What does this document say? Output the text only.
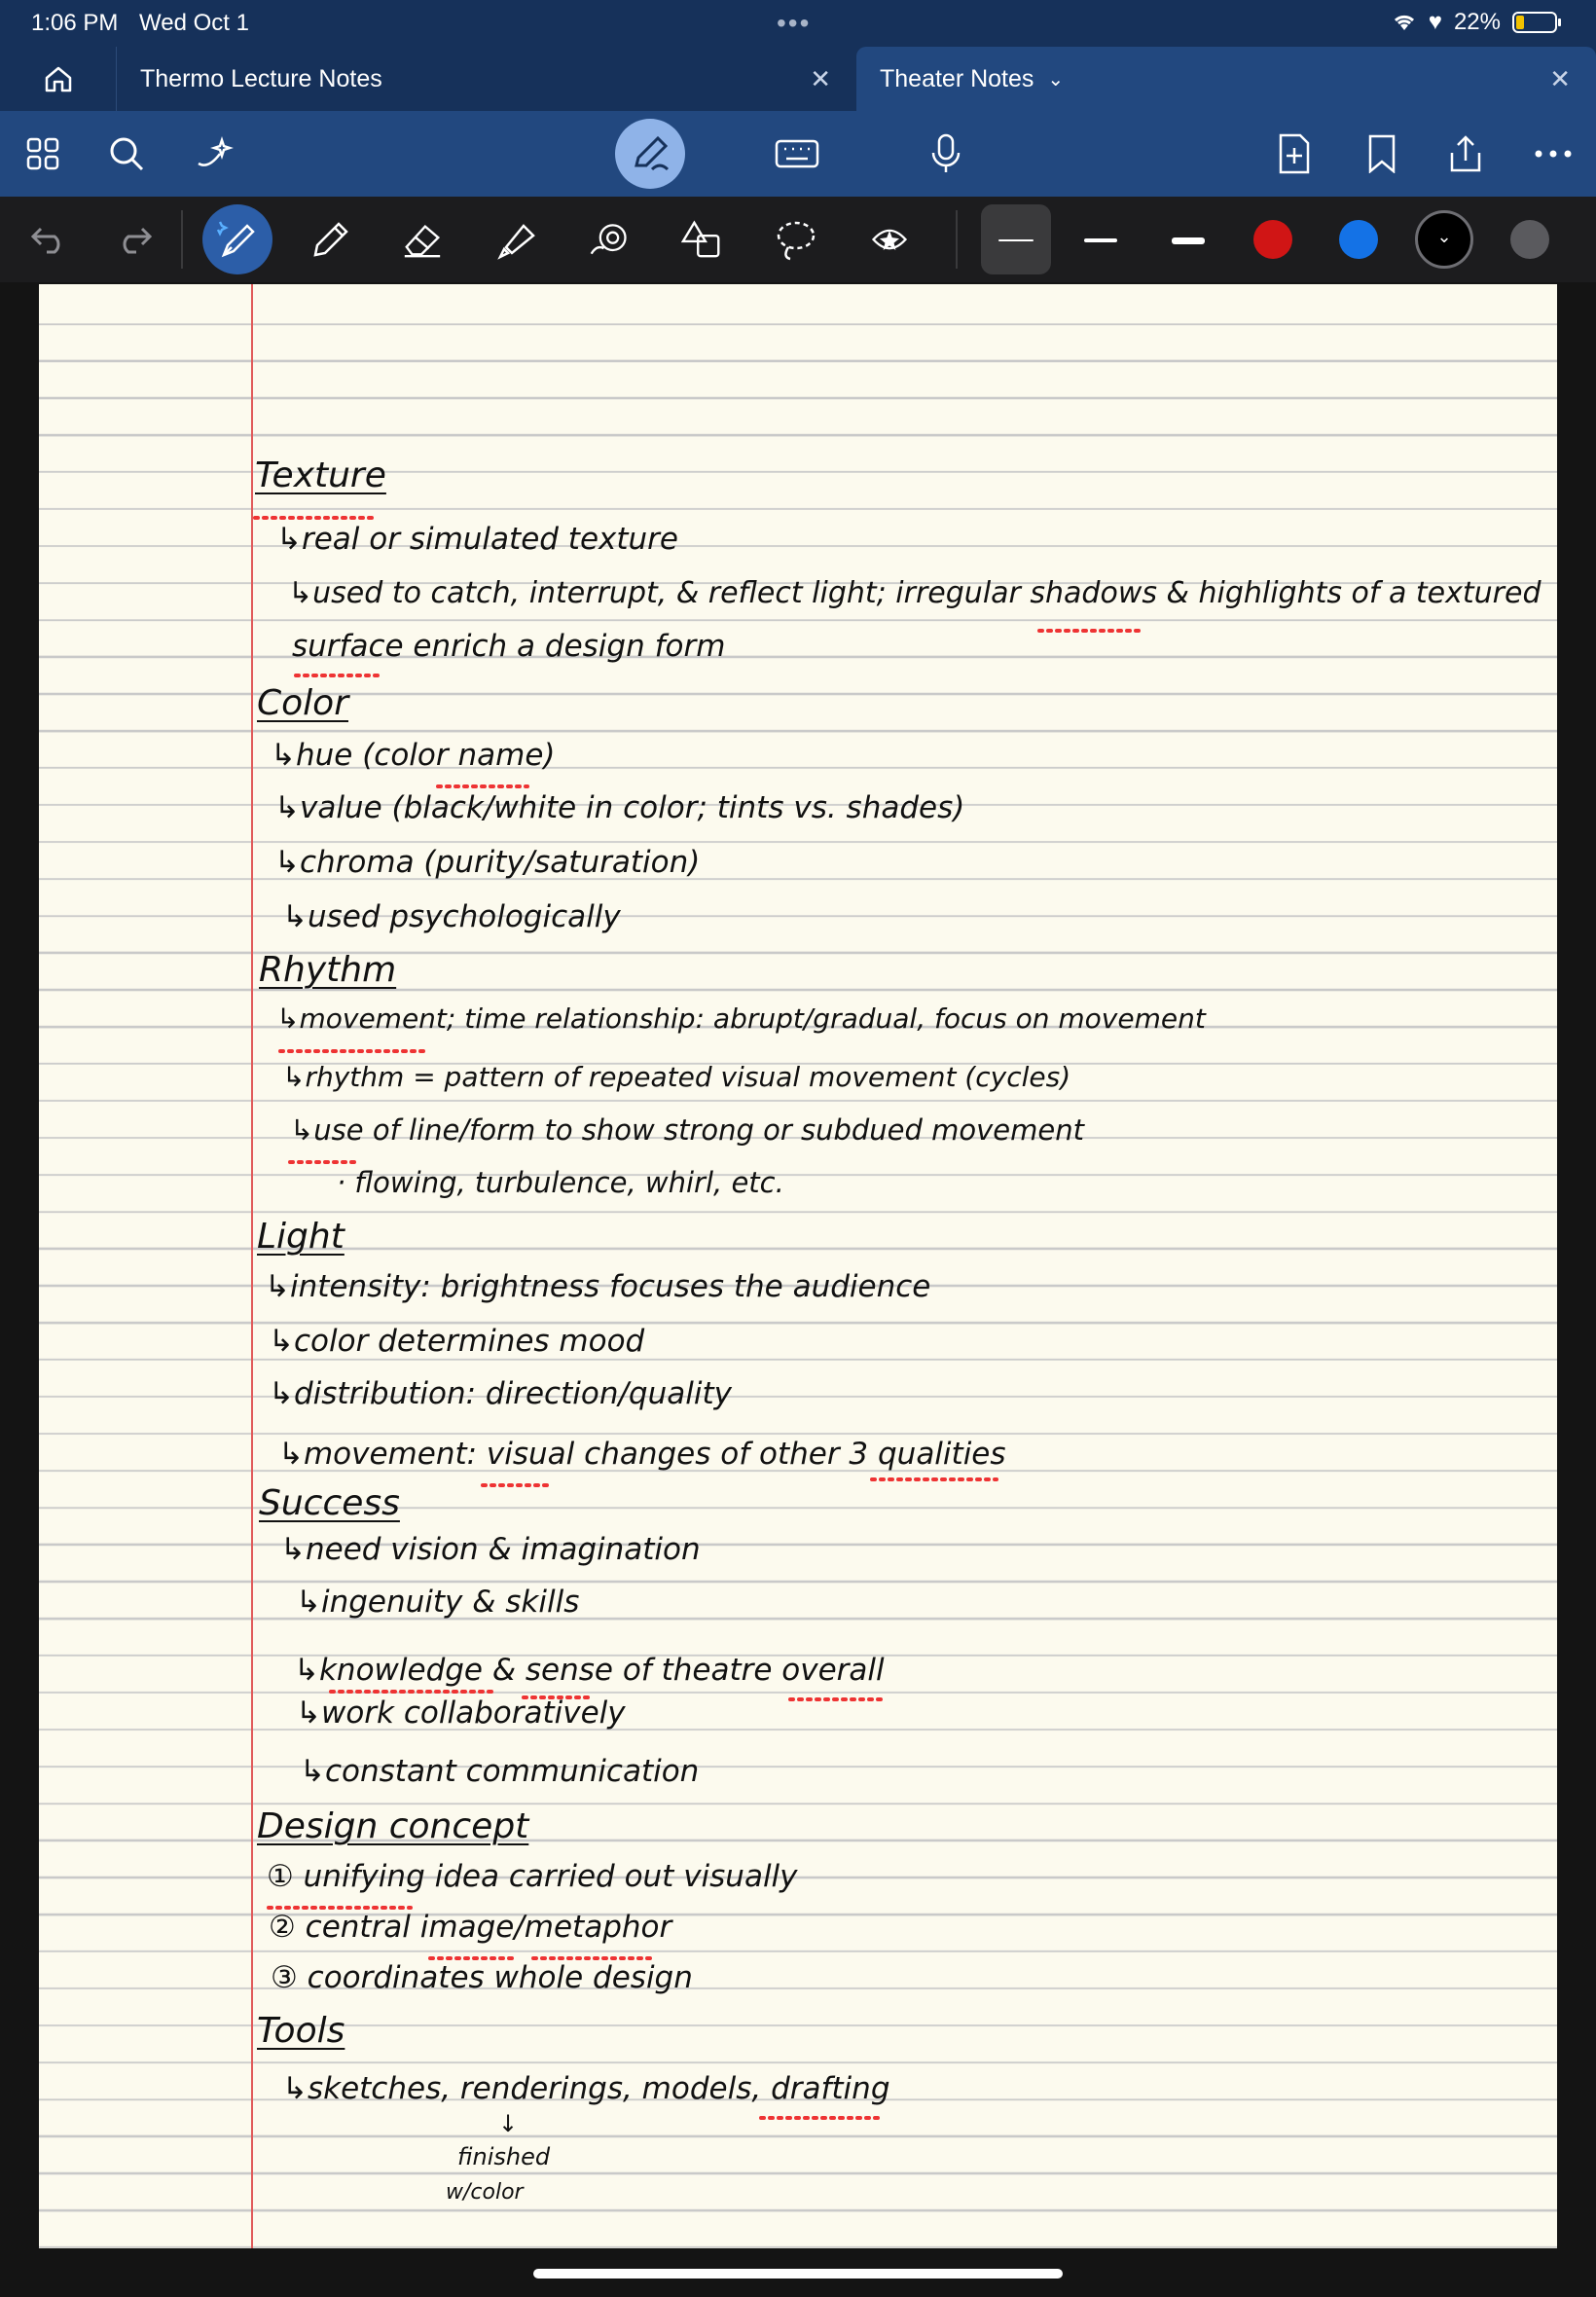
1:06 PM Wed Oct 1	•••	♥ 22%
Thermo Lecture Notes	✕ Theater Notes ⌄	✕
⌄
Texture
↳real or simulated texture
↳used to catch, interrupt, & reflect light; irregular shadows & highlights of a textured
surface enrich a design form
Color
↳hue (color name)
↳value (black/white in color; tints vs. shades)
↳chroma (purity/saturation)
↳used psychologically
Rhythm
↳movement; time relationship: abrupt/gradual, focus on movement
↳rhythm = pattern of repeated visual movement (cycles)
↳use of line/form to show strong or subdued movement
· flowing, turbulence, whirl, etc.
Light
↳intensity: brightness focuses the audience
↳color determines mood
↳distribution: direction/quality
↳movement: visual changes of other 3 qualities
Success
↳need vision & imagination
↳ingenuity & skills
↳knowledge & sense of theatre overall
↳work collaboratively
↳constant communication
Design concept
① unifying idea carried out visually
② central image/metaphor
③ coordinates whole design
Tools
↳sketches, renderings, models, drafting
↓
finished
w/color
